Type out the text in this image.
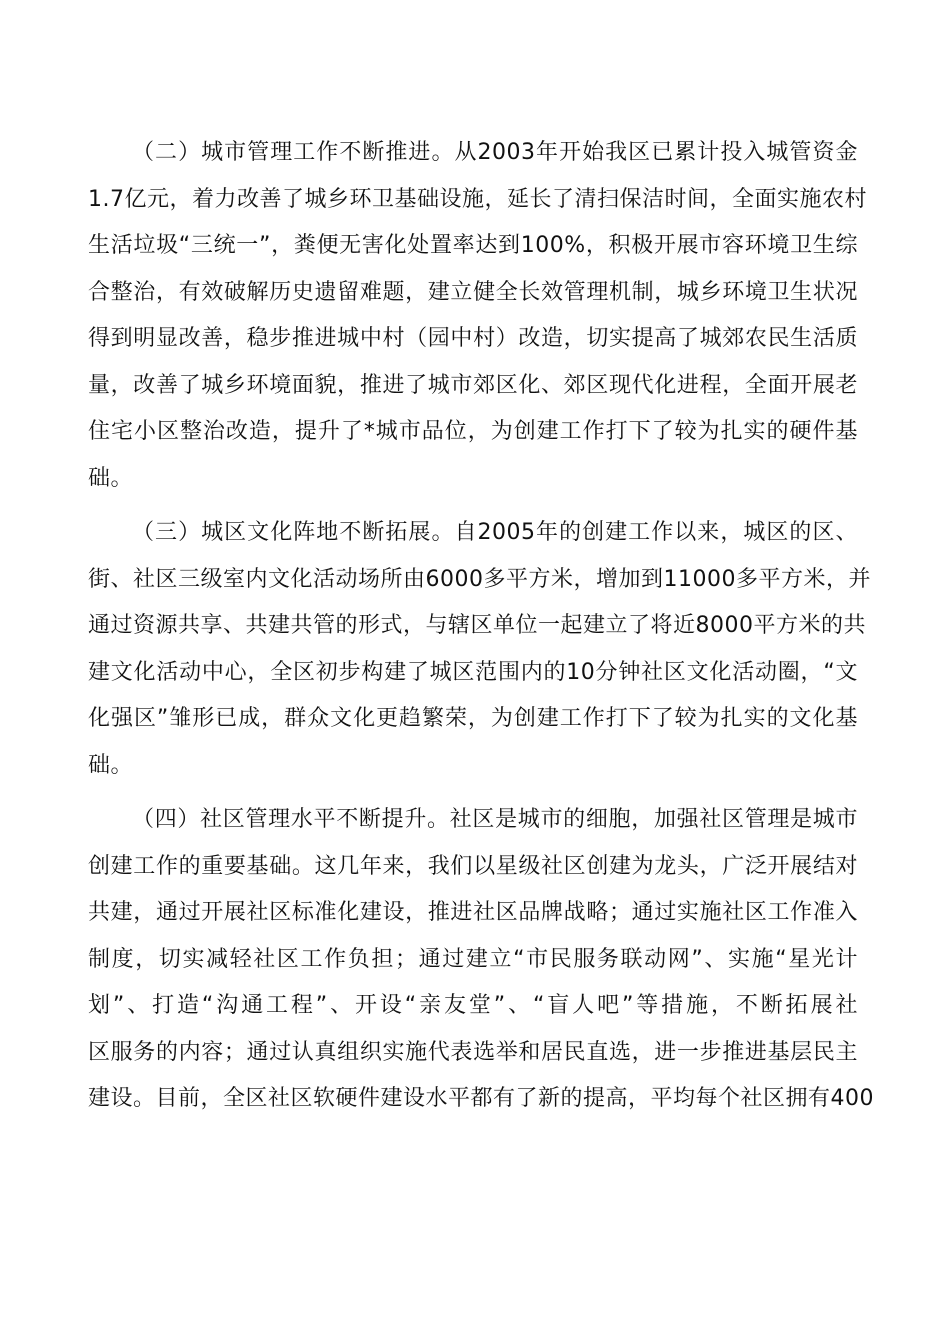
（二）城市管理工作不断推进。从2003年开始我区已累计投入城管资金
1.7亿元，着力改善了城乡环卫基础设施，延长了清扫保洁时间，全面实施农村
生活垃圾“三统一”，粪便无害化处置率达到100%，积极开展市容环境卫生综
合整治，有效破解历史遗留难题，建立健全长效管理机制，城乡环境卫生状况
得到明显改善，稳步推进城中村（园中村）改造，切实提高了城郊农民生活质
量，改善了城乡环境面貌，推进了城市郊区化、郊区现代化进程，全面开展老
住宅小区整治改造，提升了*城市品位，为创建工作打下了较为扎实的硬件基
础。
（三）城区文化阵地不断拓展。自2005年的创建工作以来，城区的区、
街、社区三级室内文化活动场所由6000多平方米，增加到11000多平方米，并
通过资源共享、共建共管的形式，与辖区单位一起建立了将近8000平方米的共
建文化活动中心，全区初步构建了城区范围内的10分钟社区文化活动圈，“文
化强区”雏形已成，群众文化更趋繁荣，为创建工作打下了较为扎实的文化基
础。
（四）社区管理水平不断提升。社区是城市的细胞，加强社区管理是城市
创建工作的重要基础。这几年来，我们以星级社区创建为龙头，广泛开展结对
共建，通过开展社区标准化建设，推进社区品牌战略；通过实施社区工作准入
制度，切实减轻社区工作负担；通过建立“市民服务联动网”、实施“星光计
划”、打造“沟通工程”、开设“亲友堂”、“盲人吧”等措施，不断拓展社
区服务的内容；通过认真组织实施代表选举和居民直选，进一步推进基层民主
建设。目前，全区社区软硬件建设水平都有了新的提高，平均每个社区拥有400
